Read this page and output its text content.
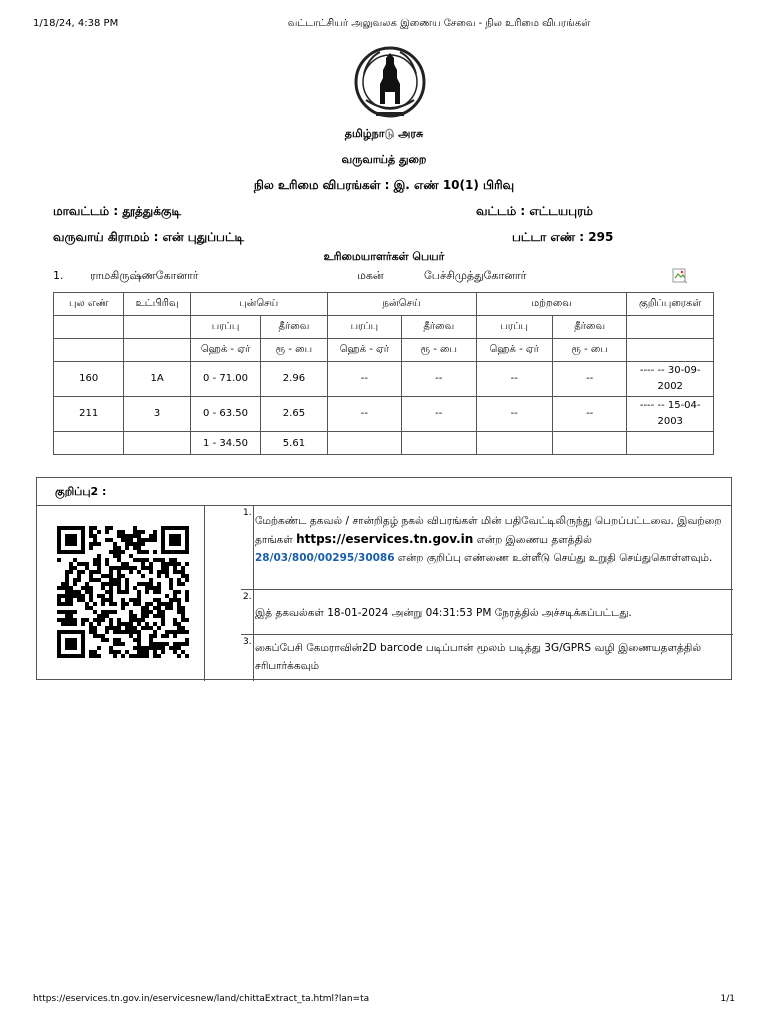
1/18/24, 4:38 PM	வட்டாட்சியர் அலுவலக இணைய சேவை - நில உரிமை விபரங்கள்
தமிழ்நாடு அரசு
வருவாய்த் துறை
நில உரிமை விபரங்கள் : இ. எண் 10(1) பிரிவு
மாவட்டம் : தூத்துக்குடி	வட்டம் : எட்டயபுரம்
வருவாய் கிராமம் : என் புதுப்பட்டி	பட்டா எண் : 295
உரிமையாளர்கள் பெயர்
1. ராமகிருஷ்ணகோனார்	மகன்	பேச்சிமுத்துகோனார்
புல எண்	உட்பிரிவு	புன்செய்		நன்செய்		மற்றவை		குறிப்புரைகள்
		பரப்பு	தீர்வை	பரப்பு	தீர்வை	பரப்பு	தீர்வை	
		ஹெக் - ஏர்	ரூ - பை	ஹெக் - ஏர்	ரூ - பை	ஹெக் - ஏர்	ரூ - பை	
160	1A	0 - 71.00	2.96	--	--	--	--	---- -- 30-09-2002
211	3	0 - 63.50	2.65	--	--	--	--	---- -- 15-04-2003
		1 - 34.50	5.61					
குறிப்பு2 :
1.
மேற்கண்ட தகவல் / சான்றிதழ் நகல் விபரங்கள் மின் பதிவேட்டிலிருந்து பெறப்பட்டவை. இவற்றை தாங்கள் https://eservices.tn.gov.in என்ற இணைய தளத்தில் 28/03/800/00295/30086 என்ற குறிப்பு எண்ணை உள்ளீடு செய்து உறுதி செய்துகொள்ளவும்.
2.
இத் தகவல்கள் 18-01-2024 அன்று 04:31:53 PM நேரத்தில் அச்சடிக்கப்பட்டது.
3. கைப்பேசி கேமராவின்2D barcode படிப்பான் மூலம் படித்து 3G/GPRS வழி இணையதளத்தில் சரிபார்க்கவும்
https://eservices.tn.gov.in/eservicesnew/land/chittaExtract_ta.html?lan=ta	1/1
